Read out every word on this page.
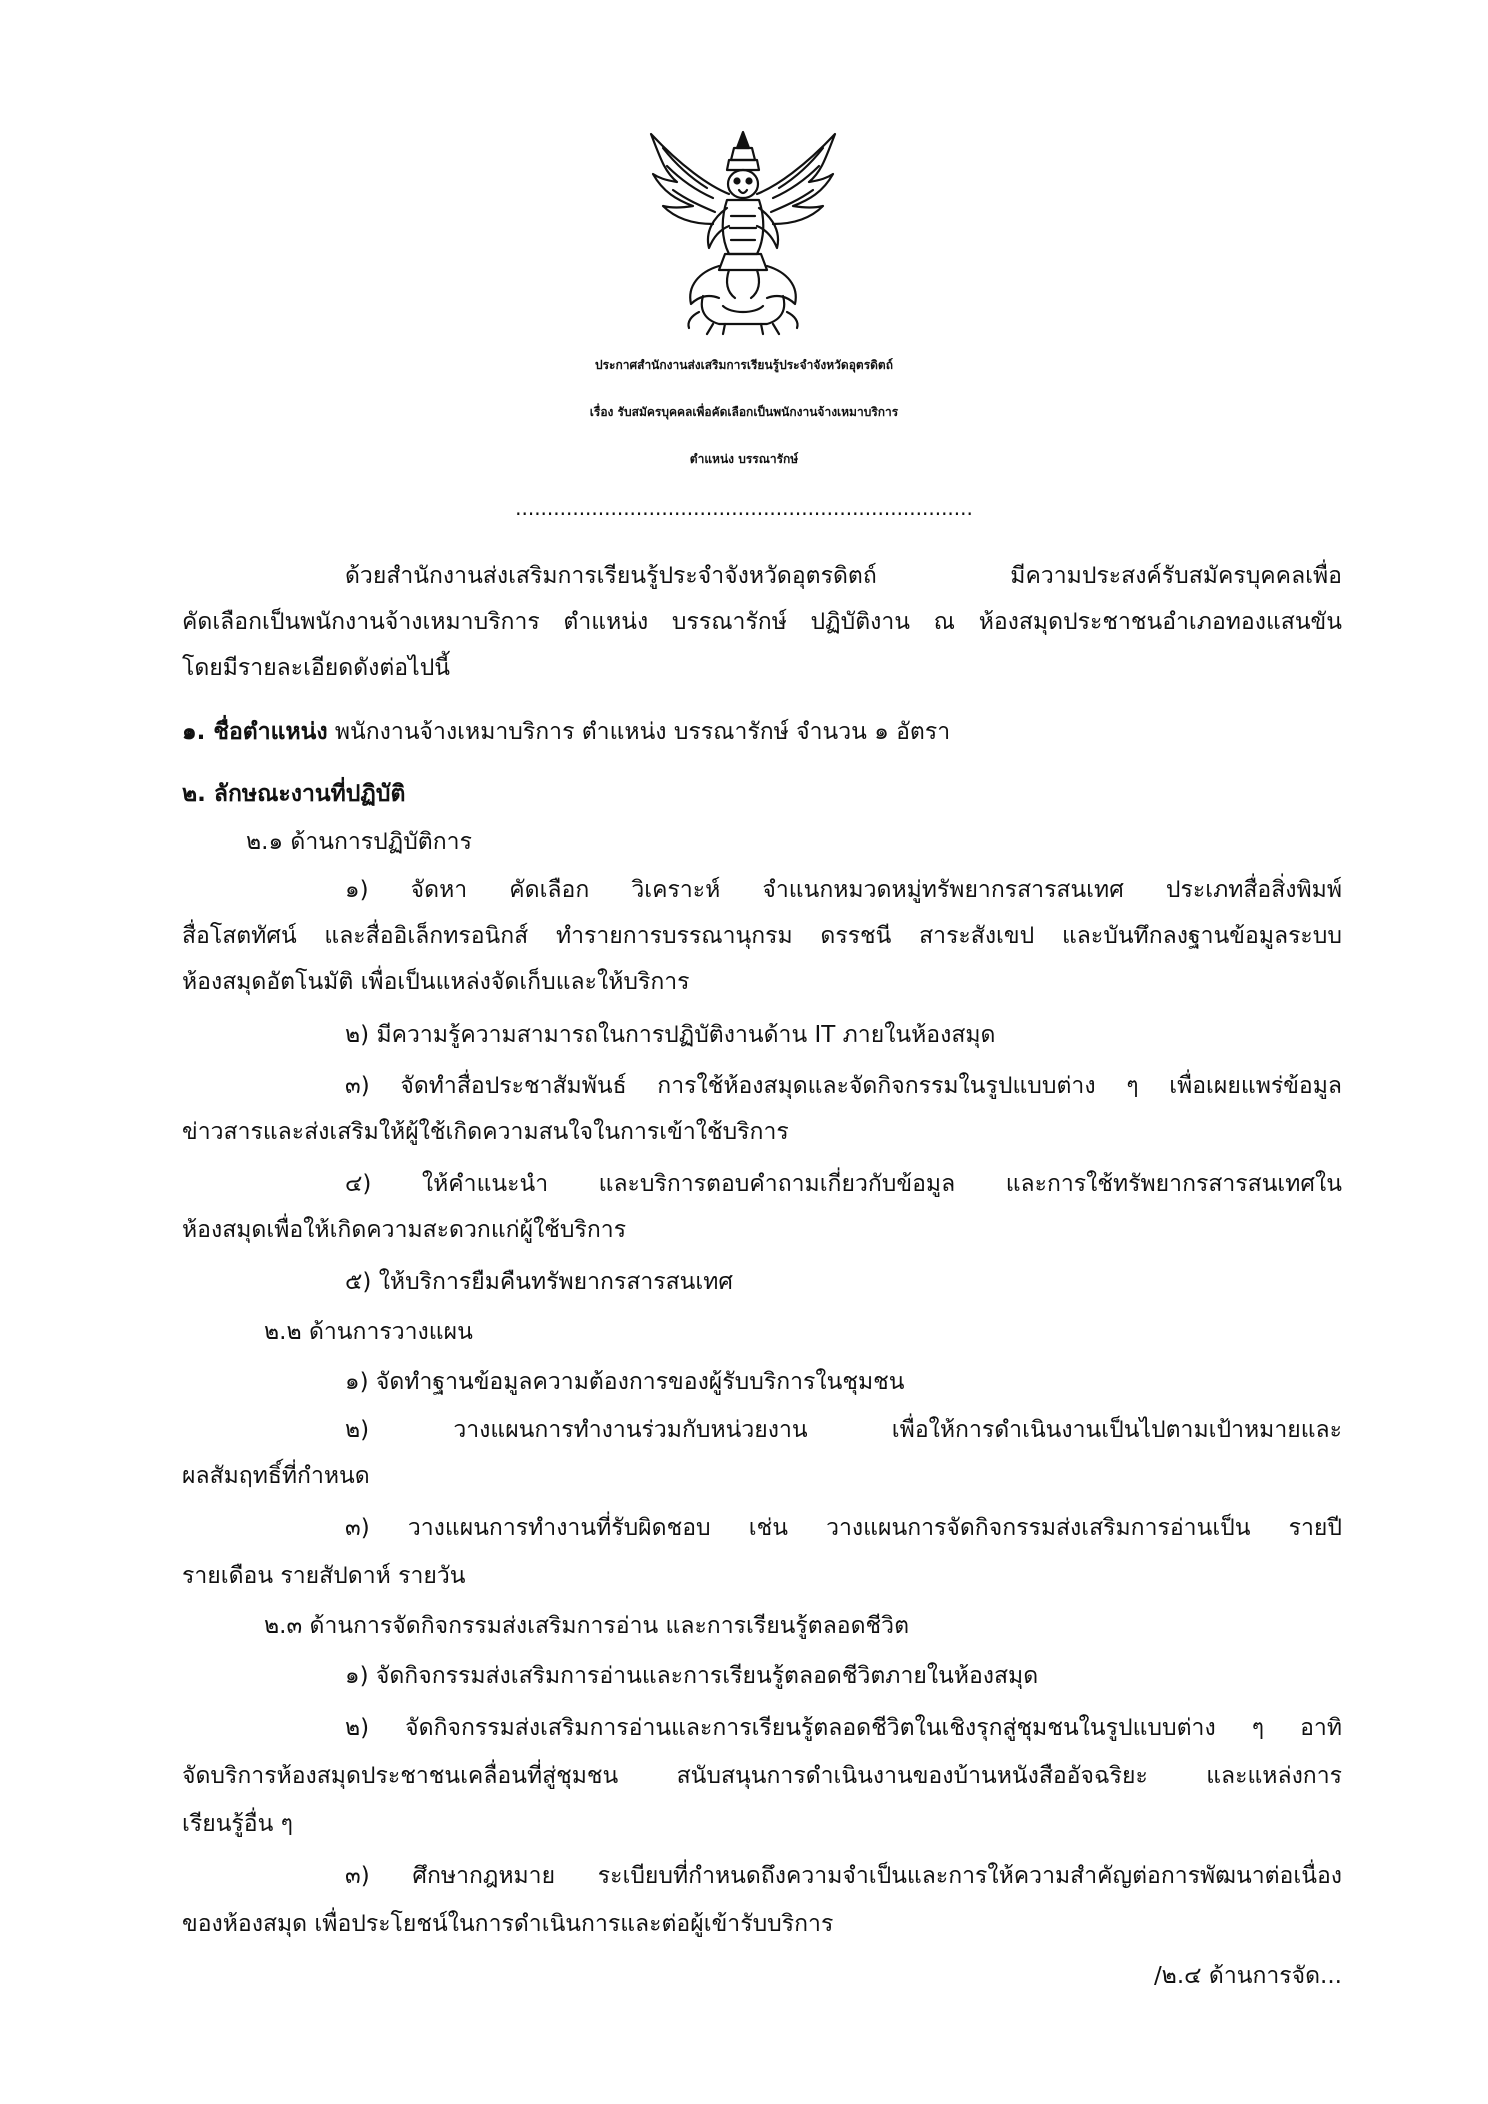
ประกาศสำนักงานส่งเสริมการเรียนรู้ประจำจังหวัดอุตรดิตถ์
เรื่อง รับสมัครบุคคลเพื่อคัดเลือกเป็นพนักงานจ้างเหมาบริการ
ตำแหน่ง บรรณารักษ์
........................................................................
ด้วยสำนักงานส่งเสริมการเรียนรู้ประจำจังหวัดอุตรดิตถ์ มีความประสงค์รับสมัครบุคคลเพื่อ
คัดเลือกเป็นพนักงานจ้างเหมาบริการ ตำแหน่ง บรรณารักษ์ ปฏิบัติงาน ณ ห้องสมุดประชาชนอำเภอทองแสนขัน
โดยมีรายละเอียดดังต่อไปนี้
๑. ชื่อตำแหน่ง พนักงานจ้างเหมาบริการ ตำแหน่ง บรรณารักษ์ จำนวน ๑ อัตรา
๒. ลักษณะงานที่ปฏิบัติ
๒.๑ ด้านการปฏิบัติการ
๑) จัดหา คัดเลือก วิเคราะห์ จำแนกหมวดหมู่ทรัพยากรสารสนเทศ ประเภทสื่อสิ่งพิมพ์
สื่อโสตทัศน์ และสื่ออิเล็กทรอนิกส์ ทำรายการบรรณานุกรม ดรรชนี สาระสังเขป และบันทึกลงฐานข้อมูลระบบ
ห้องสมุดอัตโนมัติ เพื่อเป็นแหล่งจัดเก็บและให้บริการ
๒) มีความรู้ความสามารถในการปฏิบัติงานด้าน IT ภายในห้องสมุด
๓) จัดทำสื่อประชาสัมพันธ์ การใช้ห้องสมุดและจัดกิจกรรมในรูปแบบต่าง ๆ เพื่อเผยแพร่ข้อมูล
ข่าวสารและส่งเสริมให้ผู้ใช้เกิดความสนใจในการเข้าใช้บริการ
๔) ให้คำแนะนำ และบริการตอบคำถามเกี่ยวกับข้อมูล และการใช้ทรัพยากรสารสนเทศใน
ห้องสมุดเพื่อให้เกิดความสะดวกแก่ผู้ใช้บริการ
๕) ให้บริการยืมคืนทรัพยากรสารสนเทศ
๒.๒ ด้านการวางแผน
๑) จัดทำฐานข้อมูลความต้องการของผู้รับบริการในชุมชน
๒) วางแผนการทำงานร่วมกับหน่วยงาน เพื่อให้การดำเนินงานเป็นไปตามเป้าหมายและ
ผลสัมฤทธิ์ที่กำหนด
๓) วางแผนการทำงานที่รับผิดชอบ เช่น วางแผนการจัดกิจกรรมส่งเสริมการอ่านเป็น รายปี
รายเดือน รายสัปดาห์ รายวัน
๒.๓ ด้านการจัดกิจกรรมส่งเสริมการอ่าน และการเรียนรู้ตลอดชีวิต
๑) จัดกิจกรรมส่งเสริมการอ่านและการเรียนรู้ตลอดชีวิตภายในห้องสมุด
๒) จัดกิจกรรมส่งเสริมการอ่านและการเรียนรู้ตลอดชีวิตในเชิงรุกสู่ชุมชนในรูปแบบต่าง ๆ อาทิ
จัดบริการห้องสมุดประชาชนเคลื่อนที่สู่ชุมชน สนับสนุนการดำเนินงานของบ้านหนังสืออัจฉริยะ และแหล่งการ
เรียนรู้อื่น ๆ
๓) ศึกษากฎหมาย ระเบียบที่กำหนดถึงความจำเป็นและการให้ความสำคัญต่อการพัฒนาต่อเนื่อง
ของห้องสมุด เพื่อประโยชน์ในการดำเนินการและต่อผู้เข้ารับบริการ
/๒.๔ ด้านการจัด...
